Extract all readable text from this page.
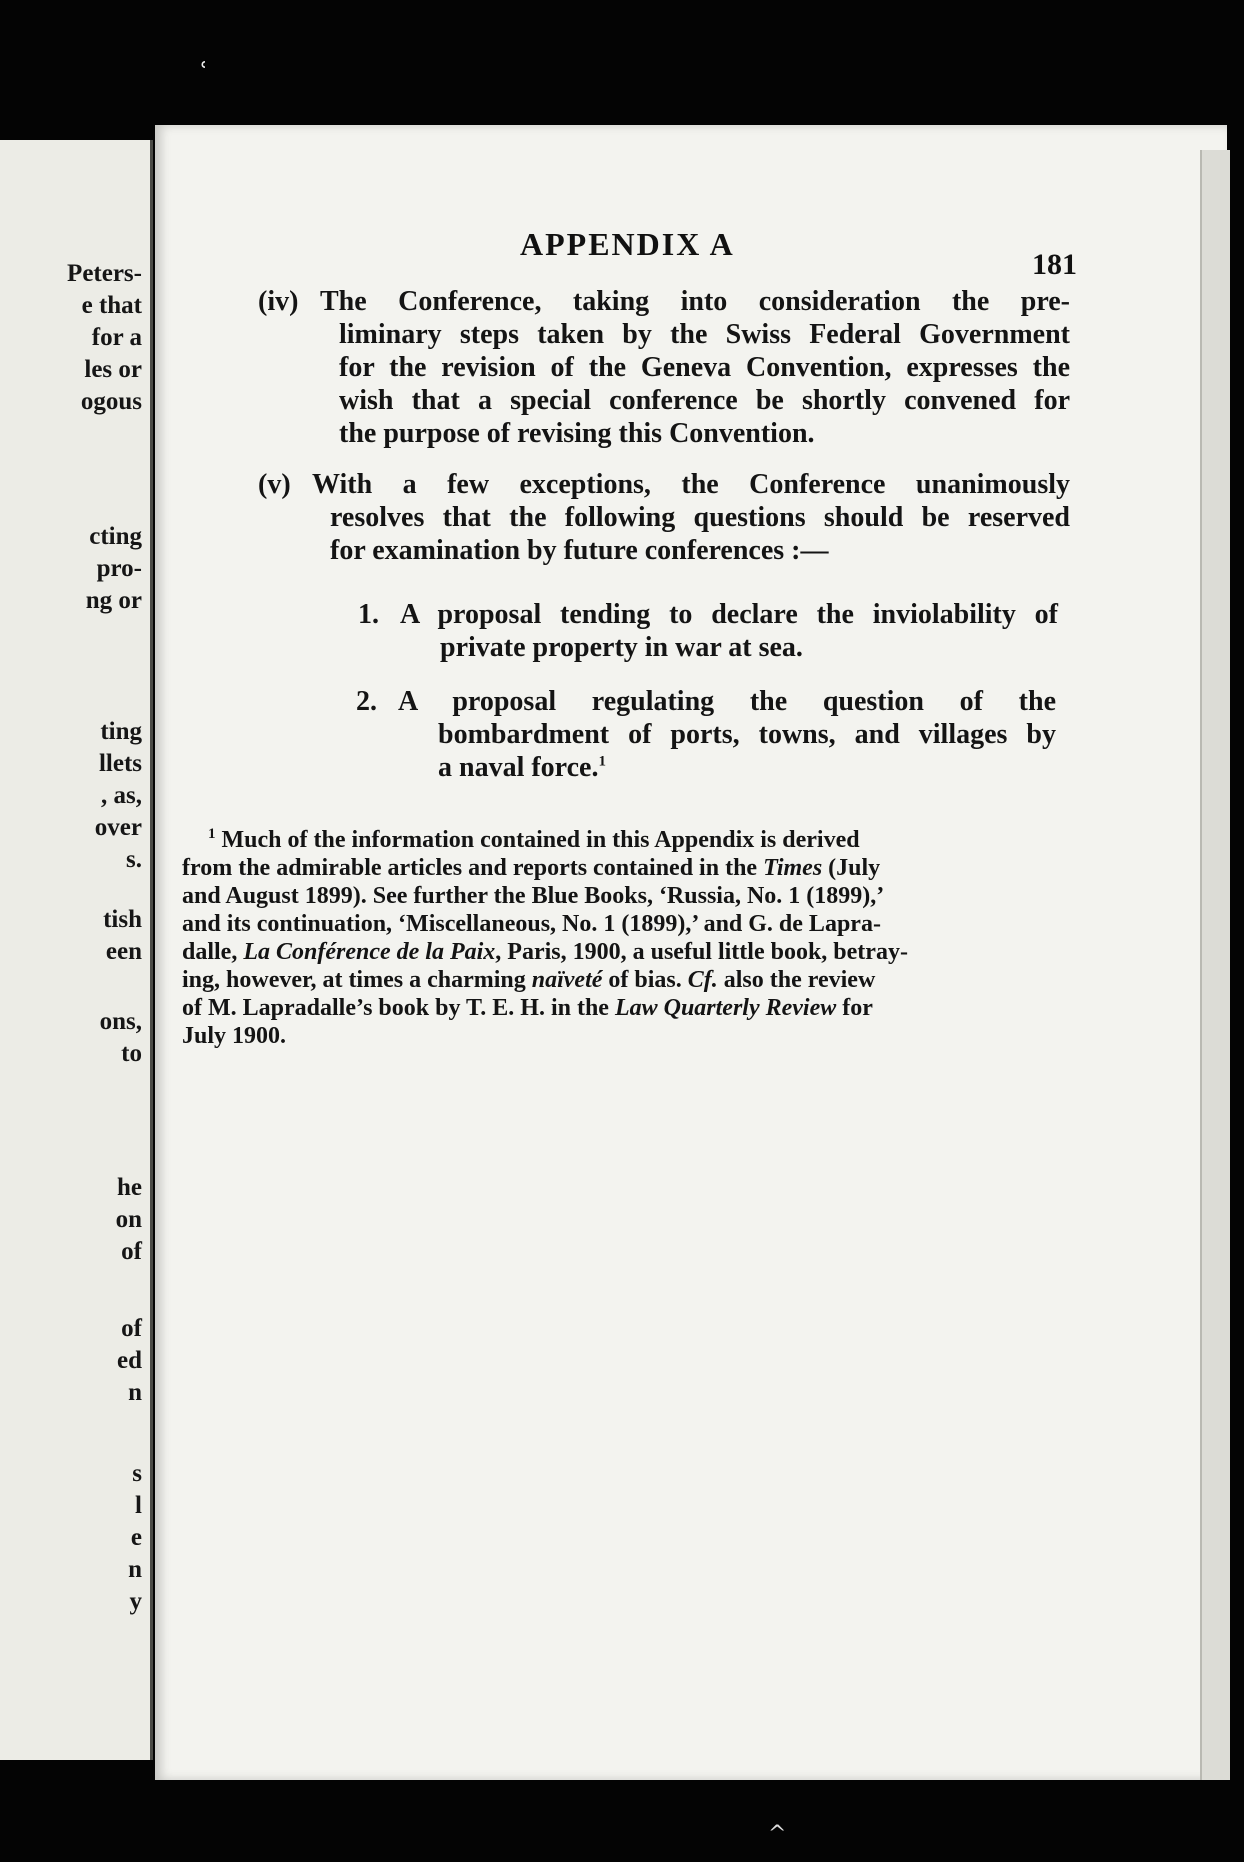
ʿ
Peters-
e that
for a
les or
ogous
cting
pro-
ng or
ting
llets
, as,
over
s.
tish
een
ons,
to
he
on
of
of
ed
n
s
l
e
n
y
APPENDIX A
181
(iv) The Conference, taking into consideration the pre-
liminary steps taken by the Swiss Federal Government
for the revision of the Geneva Convention, expresses the
wish that a special conference be shortly convened for
the purpose of revising this Convention.
(v) With a few exceptions, the Conference unanimously
resolves that the following questions should be reserved
for examination by future conferences :—
1. A proposal tending to declare the inviolability of
private property in war at sea.
2. A proposal regulating the question of the
bombardment of ports, towns, and villages by
a naval force.$^1$
$^1$ Much of the information contained in this Appendix is derived
from the admirable articles and reports contained in the Times (July
and August 1899). See further the Blue Books, ‘Russia, No. 1 (1899),’
and its continuation, ‘Miscellaneous, No. 1 (1899),’ and G. de Lapra-
dalle, La Conférence de la Paix, Paris, 1900, a useful little book, betray-
ing, however, at times a charming naïveté of bias. Cf. also the review
of M. Lapradalle’s book by T. E. H. in the Law Quarterly Review for
July 1900.
^
